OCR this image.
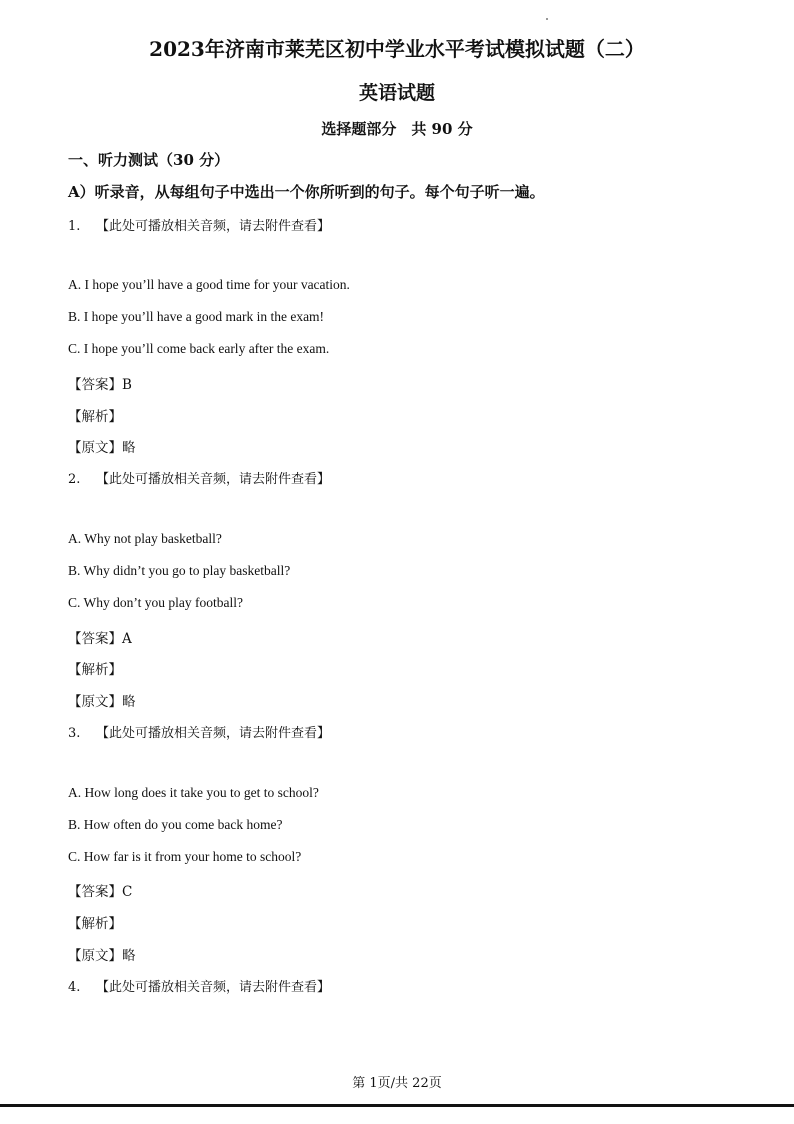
2023年济南市莱芜区初中学业水平考试模拟试题（二）
英语试题
选择题部分　共 90 分
一、听力测试（30 分）
A）听录音，从每组句子中选出一个你所听到的句子。每个句子听一遍。
1. 【此处可播放相关音频，请去附件查看】
A. I hope you’ll have a good time for your vacation.
B. I hope you’ll have a good mark in the exam!
C. I hope you’ll come back early after the exam.
【答案】B
【解析】
【原文】略
2. 【此处可播放相关音频，请去附件查看】
A. Why not play basketball?
B. Why didn’t you go to play basketball?
C. Why don’t you play football?
【答案】A
【解析】
【原文】略
3. 【此处可播放相关音频，请去附件查看】
A. How long does it take you to get to school?
B. How often do you come back home?
C. How far is it from your home to school?
【答案】C
【解析】
【原文】略
4. 【此处可播放相关音频，请去附件查看】
第 1页/共 22页
